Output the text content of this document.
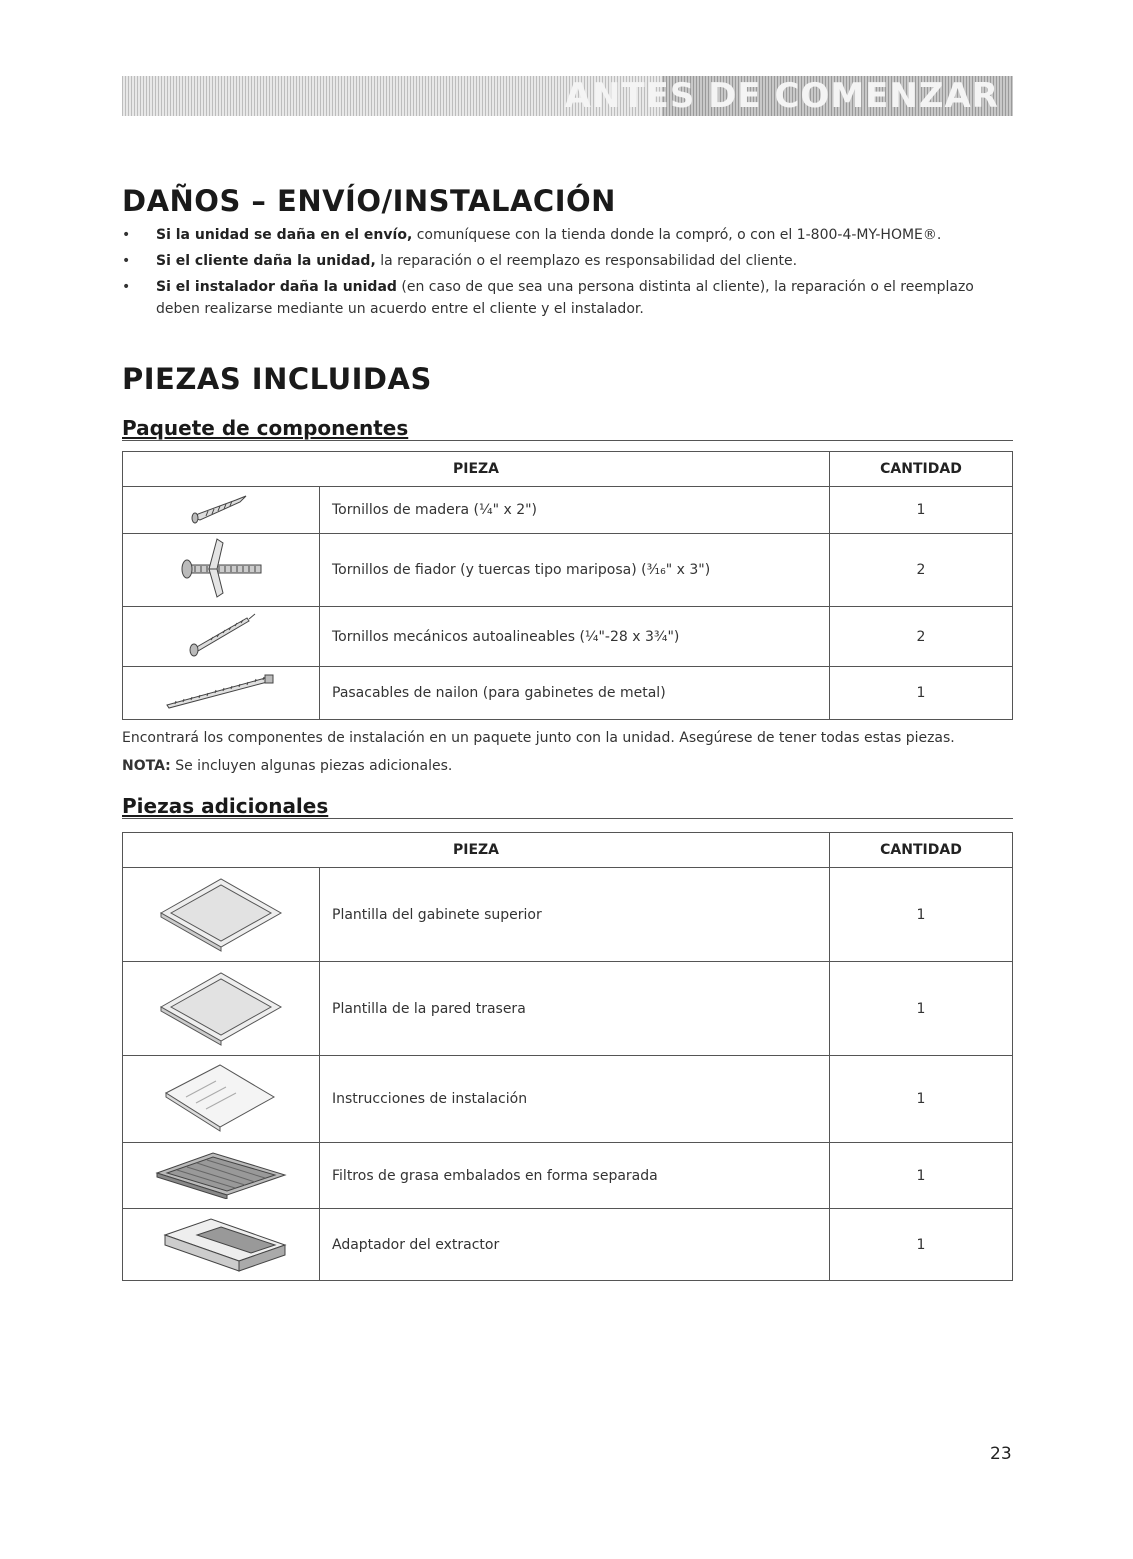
ANTES DE COMENZAR
DAÑOS – ENVÍO/INSTALACIÓN
• Si la unidad se daña en el envío, comuníquese con la tienda donde la compró, o con el 1-800-4-MY-HOME®.
• Si el cliente daña la unidad, la reparación o el reemplazo es responsabilidad del cliente.
• Si el instalador daña la unidad (en caso de que sea una persona distinta al cliente), la reparación o el reemplazo deben realizarse mediante un acuerdo entre el cliente y el instalador.
PIEZAS INCLUIDAS
Paquete de componentes
PIEZA		CANTIDAD
	Tornillos de madera (¹⁄₄" x 2")	1
	Tornillos de fiador (y tuercas tipo mariposa) (³⁄₁₆" x 3")	2
	Tornillos mecánicos autoalineables (¹⁄₄"-28 x 3³⁄₄")	2
	Pasacables de nailon (para gabinetes de metal)	1

Encontrará los componentes de instalación en un paquete junto con la unidad. Asegúrese de tener todas estas piezas.

NOTA: Se incluyen algunas piezas adicionales.

Piezas adicionales
PIEZA		CANTIDAD
	Plantilla del gabinete superior	1
	Plantilla de la pared trasera	1
	Instrucciones de instalación	1
	Filtros de grasa embalados en forma separada	1
	Adaptador del extractor	1
23
